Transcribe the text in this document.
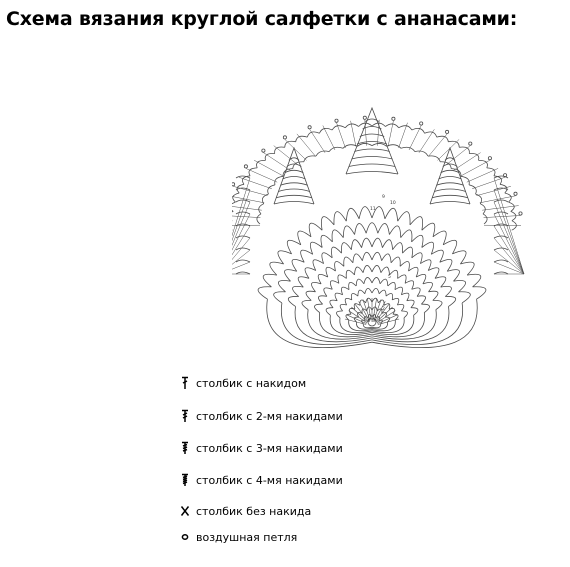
Схема вязания круглой салфетки с ананасами:
6 вп
2
5
9
10
11
столбик с накидом
столбик с 2-мя накидами
столбик с 3-мя накидами
столбик с 4-мя накидами
столбик без накида
воздушная петля
